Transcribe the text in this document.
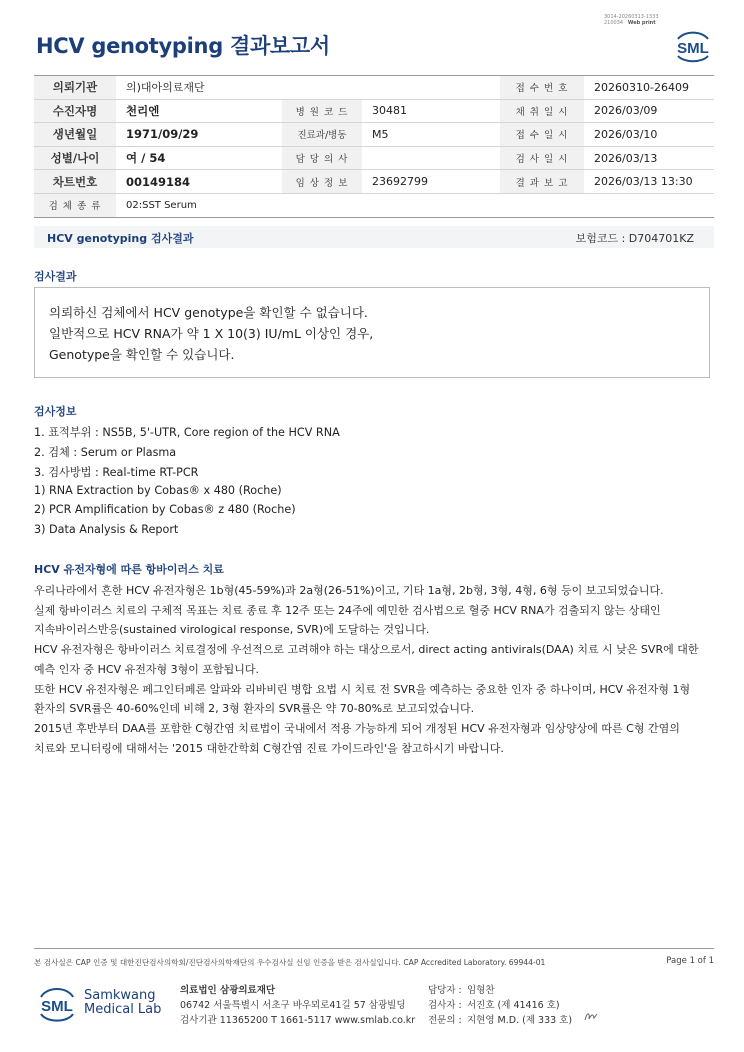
HCV genotyping 결과보고서
3014-20260313-1333
210034 Web print
SML
의뢰기관	의)대아의료재단			접 수 번 호	20260310-26409
수진자명	천리엔	병 원 코 드	30481	채 취 일 시	2026/03/09
생년월일	1971/09/29	진료과/병동	M5	접 수 일 시	2026/03/10
성별/나이	여 / 54	담 당 의 사		검 사 일 시	2026/03/13
차트번호	00149184	임 상 정 보	23692799	결 과 보 고	2026/03/13 13:30
검 체 종 류	02:SST Serum				
HCV genotyping 검사결과	보험코드 : D704701KZ
검사결과
의뢰하신 검체에서 HCV genotype을 확인할 수 없습니다.
일반적으로 HCV RNA가 약 1 X 10(3) IU/mL 이상인 경우,
Genotype을 확인할 수 있습니다.
검사정보
1. 표적부위 : NS5B, 5'-UTR, Core region of the HCV RNA
2. 검체 : Serum or Plasma
3. 검사방법 : Real-time RT-PCR
1) RNA Extraction by Cobas® x 480 (Roche)
2) PCR Amplification by Cobas® z 480 (Roche)
3) Data Analysis & Report
HCV 유전자형에 따른 항바이러스 치료
우리나라에서 흔한 HCV 유전자형은 1b형(45-59%)과 2a형(26-51%)이고, 기타 1a형, 2b형, 3형, 4형, 6형 등이 보고되었습니다.
실제 항바이러스 치료의 구체적 목표는 치료 종료 후 12주 또는 24주에 예민한 검사법으로 혈중 HCV RNA가 검출되지 않는 상태인
지속바이러스반응(sustained virological response, SVR)에 도달하는 것입니다.
HCV 유전자형은 항바이러스 치료결정에 우선적으로 고려해야 하는 대상으로서, direct acting antivirals(DAA) 치료 시 낮은 SVR에 대한
예측 인자 중 HCV 유전자형 3형이 포함됩니다.
또한 HCV 유전자형은 페그인터페론 알파와 리바비린 병합 요법 시 치료 전 SVR을 예측하는 중요한 인자 중 하나이며, HCV 유전자형 1형
환자의 SVR률은 40-60%인데 비해 2, 3형 환자의 SVR률은 약 70-80%로 보고되었습니다.
2015년 후반부터 DAA를 포함한 C형간염 치료법이 국내에서 적용 가능하게 되어 개정된 HCV 유전자형과 임상양상에 따른 C형 간염의
치료와 모니터링에 대해서는 '2015 대한간학회 C형간염 진료 가이드라인'을 참고하시기 바랍니다.
본 검사실은 CAP 인증 및 대한진단검사의학회/진단검사의학재단의 우수검사실 신임 인증을 받은 검사실입니다. CAP Accredited Laboratory. 69944-01	Page 1 of 1
SML
Samkwang
Medical Lab
의료법인 삼광의료재단
06742 서울특별시 서초구 바우뫼로41길 57 삼광빌딩
검사기관 11365200 T 1661-5117 www.smlab.co.kr
담당자 : 임형찬
검사자 : 서진호 (제 41416 호)
전문의 : 지현영 M.D. (제 333 호)
